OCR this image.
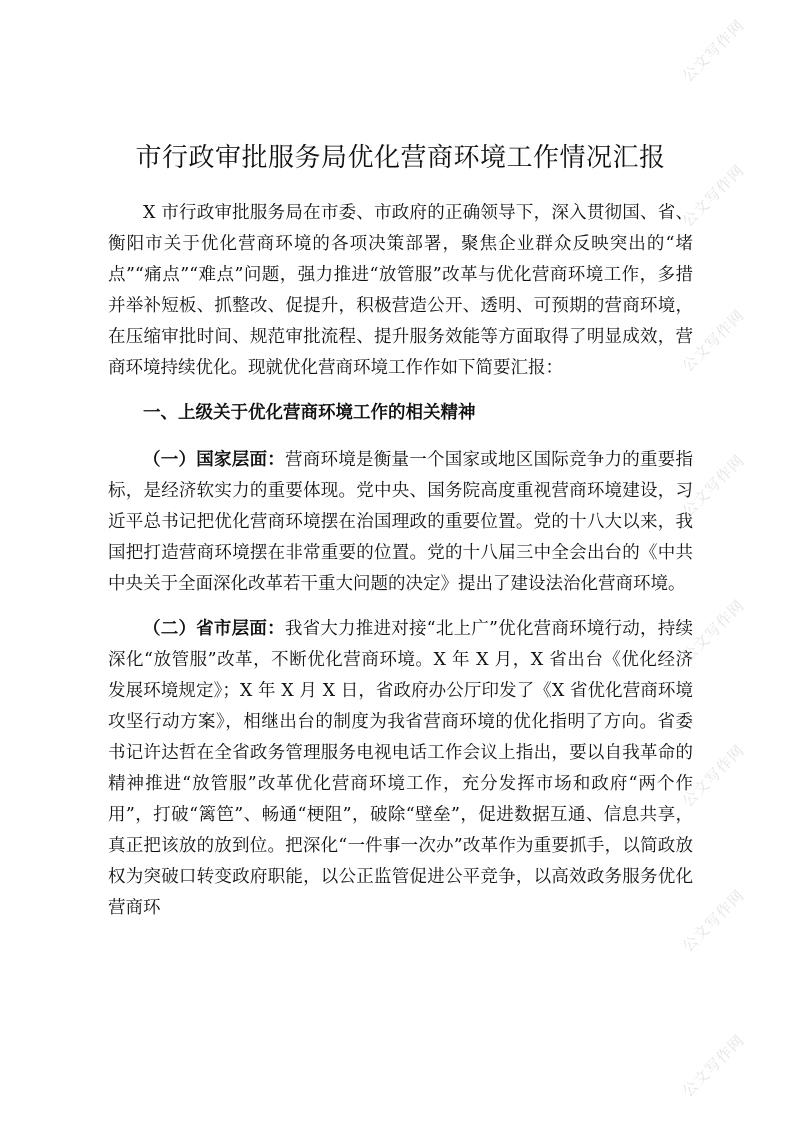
公文写作网
公文写作网
公文写作网
公文写作网
公文写作网
公文写作网
公文写作网
公文写作网
市行政审批服务局优化营商环境工作情况汇报

X 市行政审批服务局在市委、市政府的正确领导下，深入贯彻国、省、衡阳市关于优化营商环境的各项决策部署，聚焦企业群众反映突出的“堵点”“痛点”“难点”问题，强力推进“放管服”改革与优化营商环境工作，多措并举补短板、抓整改、促提升，积极营造公开、透明、可预期的营商环境，在压缩审批时间、规范审批流程、提升服务效能等方面取得了明显成效，营商环境持续优化。现就优化营商环境工作作如下简要汇报：

一、上级关于优化营商环境工作的相关精神

（一）国家层面：营商环境是衡量一个国家或地区国际竞争力的重要指标，是经济软实力的重要体现。党中央、国务院高度重视营商环境建设，习近平总书记把优化营商环境摆在治国理政的重要位置。党的十八大以来，我国把打造营商环境摆在非常重要的位置。党的十八届三中全会出台的《中共中央关于全面深化改革若干重大问题的决定》提出了建设法治化营商环境。

（二）省市层面：我省大力推进对接“北上广”优化营商环境行动，持续深化“放管服”改革，不断优化营商环境。X 年 X 月，X 省出台《优化经济发展环境规定》；X 年 X 月 X 日，省政府办公厅印发了《X 省优化营商环境攻坚行动方案》，相继出台的制度为我省营商环境的优化指明了方向。省委书记许达哲在全省政务管理服务电视电话工作会议上指出，要以自我革命的精神推进“放管服”改革优化营商环境工作，充分发挥市场和政府“两个作用”，打破“篱笆”、畅通“梗阻”，破除“壁垒”，促进数据互通、信息共享，真正把该放的放到位。把深化“一件事一次办”改革作为重要抓手，以简政放权为突破口转变政府职能，以公正监管促进公平竞争，以高效政务服务优化营商环
